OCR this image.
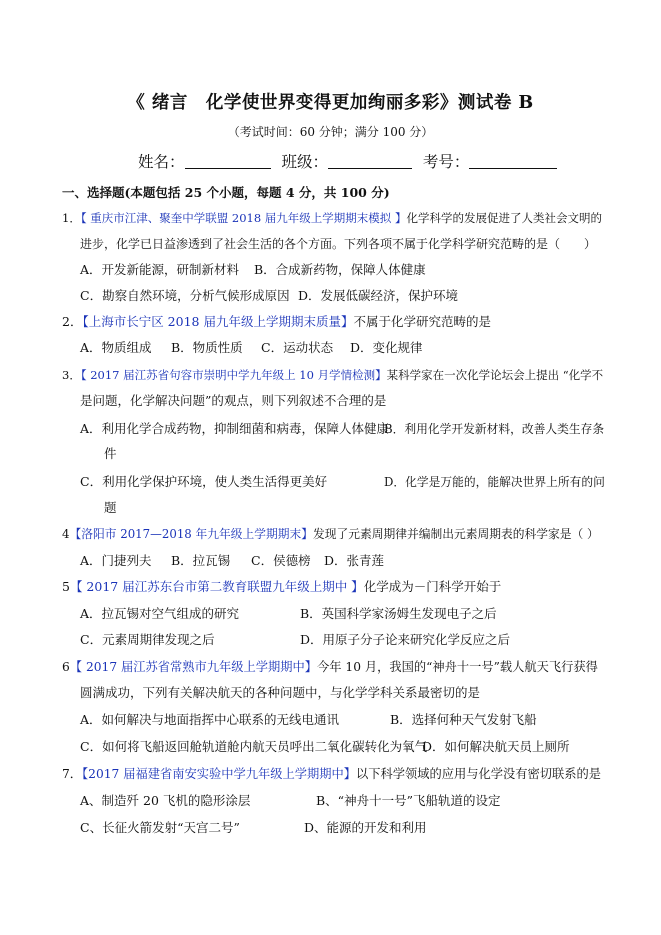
《 绪言　化学使世界变得更加绚丽多彩》测试卷 B
（考试时间：60 分钟；满分 100 分）
姓名：	班级：	考号：
一、选择题(本题包括 25 个小题，每题 4 分，共 100 分)
1．【 重庆市江津、聚奎中学联盟 2018 届九年级上学期期末模拟 】化学科学的发展促进了人类社会文明的
进步，化学已日益渗透到了社会生活的各个方面。下列各项不属于化学科学研究范畴的是（　　）
A．开发新能源，研制新材料 B．合成新药物，保障人体健康
C．勘察自然环境，分析气候形成原因 D．发展低碳经济，保护环境
2．【上海市长宁区 2018 届九年级上学期期末质量】不属于化学研究范畴的是
A．物质组成 B．物质性质 C．运动状态 D．变化规律
3．【 2017 届江苏省句容市崇明中学九年级上 10 月学情检测】某科学家在一次化学论坛会上提出 “化学不
是问题，化学解决问题”的观点，则下列叙述不合理的是
A．利用化学合成药物，抑制细菌和病毒，保障人体健康
B．利用化学开发新材料，改善人类生存条
件
C．利用化学保护环境，使人类生活得更美好	D．化学是万能的，能解决世界上所有的问
题
4【洛阳市 2017—2018 年九年级上学期期末】发现了元素周期律并编制出元素周期表的科学家是（ ）
A．门捷列夫 B．拉瓦锡 C．侯德榜 D．张青莲
5【 2017 届江苏东台市第二教育联盟九年级上期中 】化学成为－门科学开始于
A．拉瓦锡对空气组成的研究	B．英国科学家汤姆生发现电子之后
C．元素周期律发现之后	D．用原子分子论来研究化学反应之后
6【 2017 届江苏省常熟市九年级上学期期中】今年 10 月，我国的“神舟十一号”载人航天飞行获得
圆满成功，下列有关解决航天的各种问题中，与化学学科关系最密切的是
A．如何解决与地面指挥中心联系的无线电通讯	B．选择何种天气发射飞船
C．如何将飞船返回舱轨道舱内航天员呼出二氧化碳转化为氧气
D．如何解决航天员上厕所
7．【2017 届福建省南安实验中学九年级上学期期中】以下科学领域的应用与化学没有密切联系的是
A、制造歼 20 飞机的隐形涂层	B、“神舟十一号”飞船轨道的设定
C、长征火箭发射“天宫二号”	D、能源的开发和利用
